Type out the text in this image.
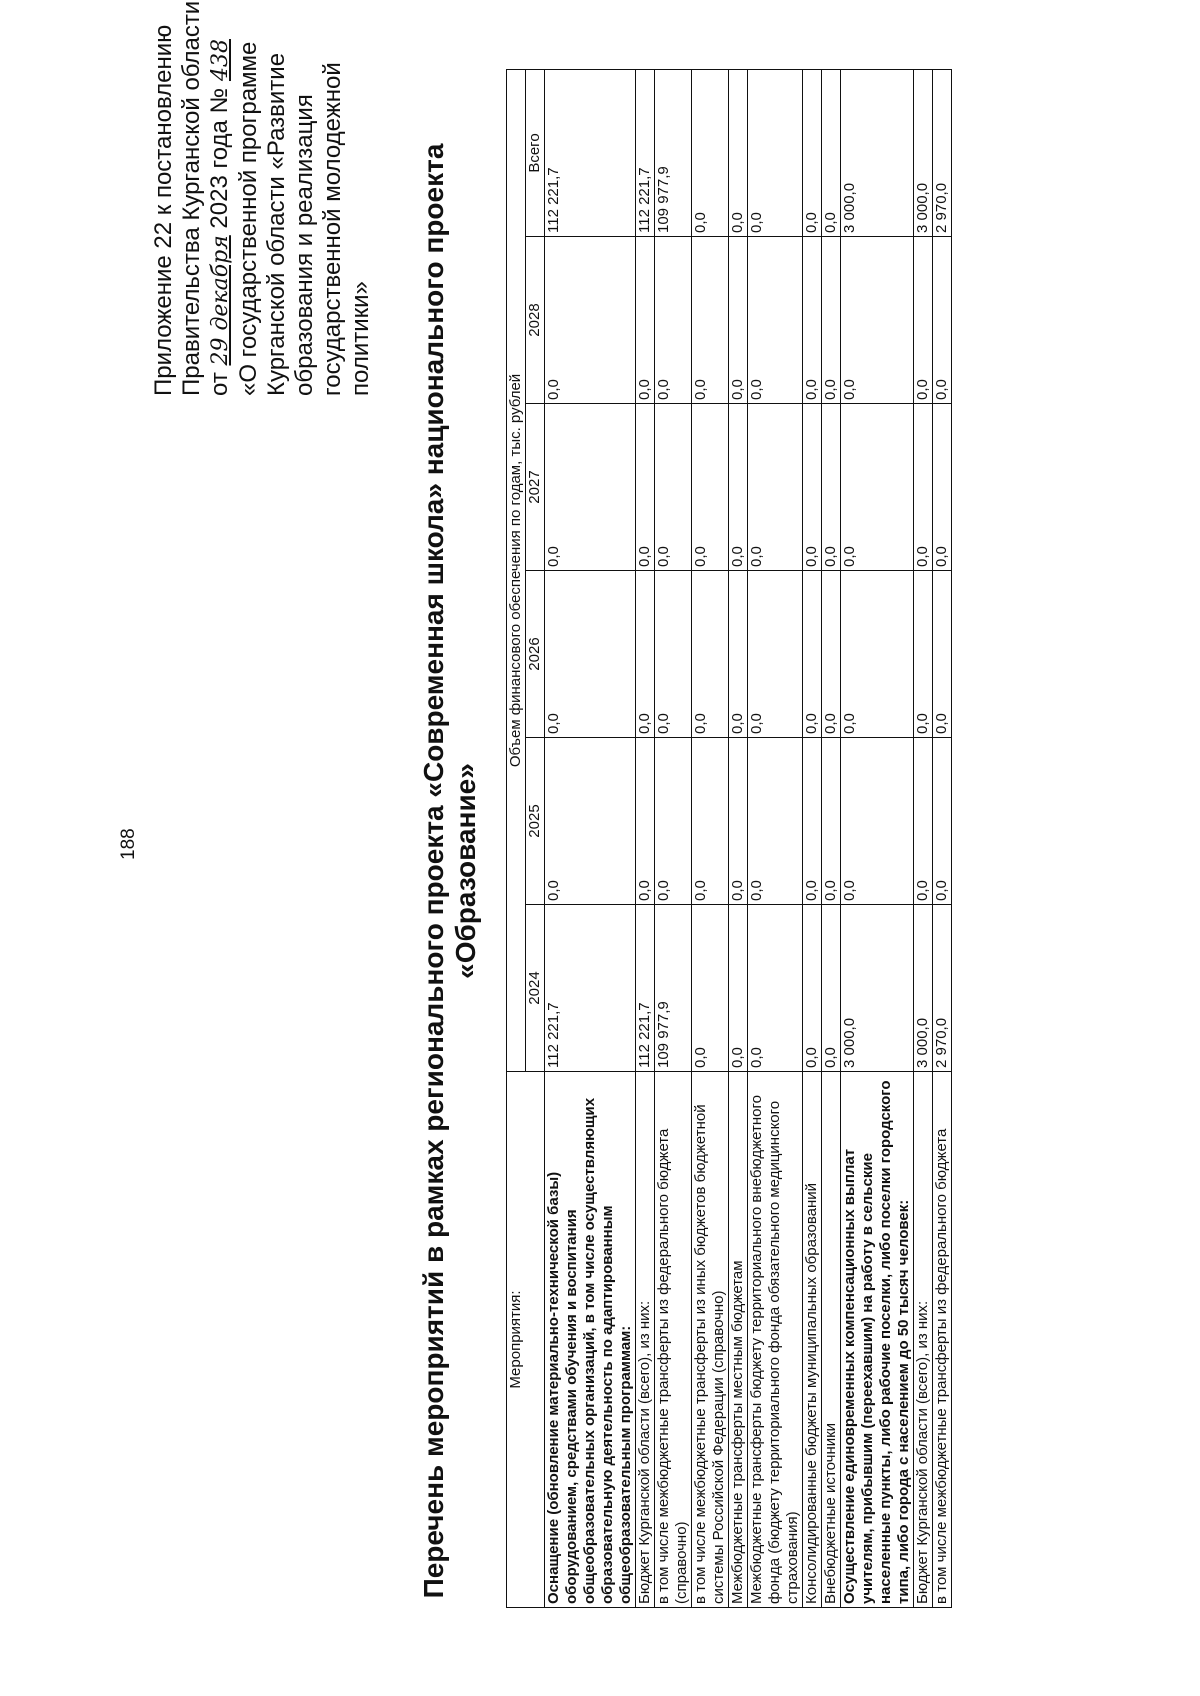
188
Приложение 22 к постановлению Правительства Курганской области от 29 декабря 2023 года № 438 «О государственной программе Курганской области «Развитие образования и реализация государственной молодежной политики» Перечень мероприятий в рамках регионального проекта «Современная школа» национального проекта «Образование»
Мероприятия:	Объем финансового обеспечения по годам, тыс. рублей					
	2024	2025	2026	2027	2028	Всего
Оснащение (обновление материально-технической базы) оборудованием, средствами обучения и воспитания общеобразовательных организаций, в том числе осуществляющих образовательную деятельность по адаптированным общеобразовательным программам:	112 221,7	0,0	0,0	0,0	0,0	112 221,7
Бюджет Курганской области (всего), из них:	112 221,7	0,0	0,0	0,0	0,0	112 221,7
в том числе межбюджетные трансферты из федерального бюджета (справочно)	109 977,9	0,0	0,0	0,0	0,0	109 977,9
в том числе межбюджетные трансферты из иных бюджетов бюджетной системы Российской Федерации (справочно)	0,0	0,0	0,0	0,0	0,0	0,0
Межбюджетные трансферты местным бюджетам	0,0	0,0	0,0	0,0	0,0	0,0
Межбюджетные трансферты бюджету территориального внебюджетного фонда (бюджету территориального фонда обязательного медицинского страхования)	0,0	0,0	0,0	0,0	0,0	0,0
Консолидированные бюджеты муниципальных образований	0,0	0,0	0,0	0,0	0,0	0,0
Внебюджетные источники	0,0	0,0	0,0	0,0	0,0	0,0
Осуществление единовременных компенсационных выплат учителям, прибывшим (переехавшим) на работу в сельские населенные пункты, либо рабочие поселки, либо поселки городского типа, либо города с населением до 50 тысяч человек:	3 000,0	0,0	0,0	0,0	0,0	3 000,0
Бюджет Курганской области (всего), из них:	3 000,0	0,0	0,0	0,0	0,0	3 000,0
в том числе межбюджетные трансферты из федерального бюджета	2 970,0	0,0	0,0	0,0	0,0	2 970,0
